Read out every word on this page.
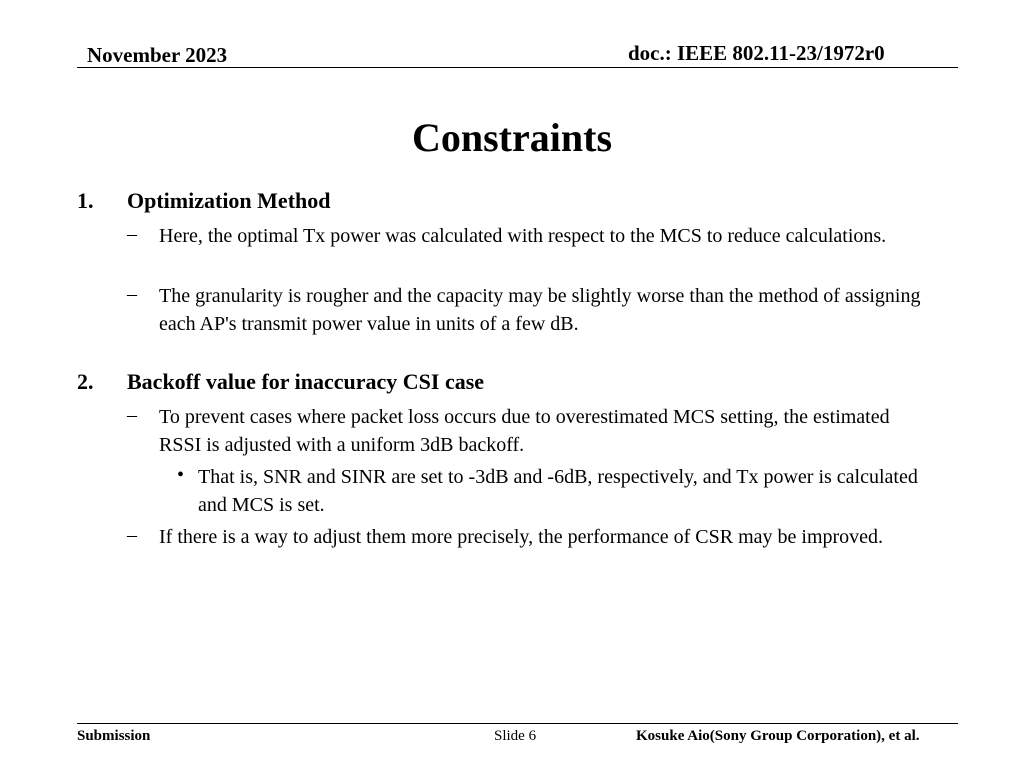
November 2023	doc.: IEEE 802.11-23/1972r0
Constraints
1. Optimization Method
– Here, the optimal Tx power was calculated with respect to the MCS to reduce calculations.
– The granularity is rougher and the capacity may be slightly worse than the method of assigning each AP's transmit power value in units of a few dB.
2. Backoff value for inaccuracy CSI case
– To prevent cases where packet loss occurs due to overestimated MCS setting, the estimated RSSI is adjusted with a uniform 3dB backoff.
• That is, SNR and SINR are set to -3dB and -6dB, respectively, and Tx power is calculated and MCS is set.
– If there is a way to adjust them more precisely, the performance of CSR may be improved.
Submission	Slide 6	Kosuke Aio(Sony Group Corporation), et al.
